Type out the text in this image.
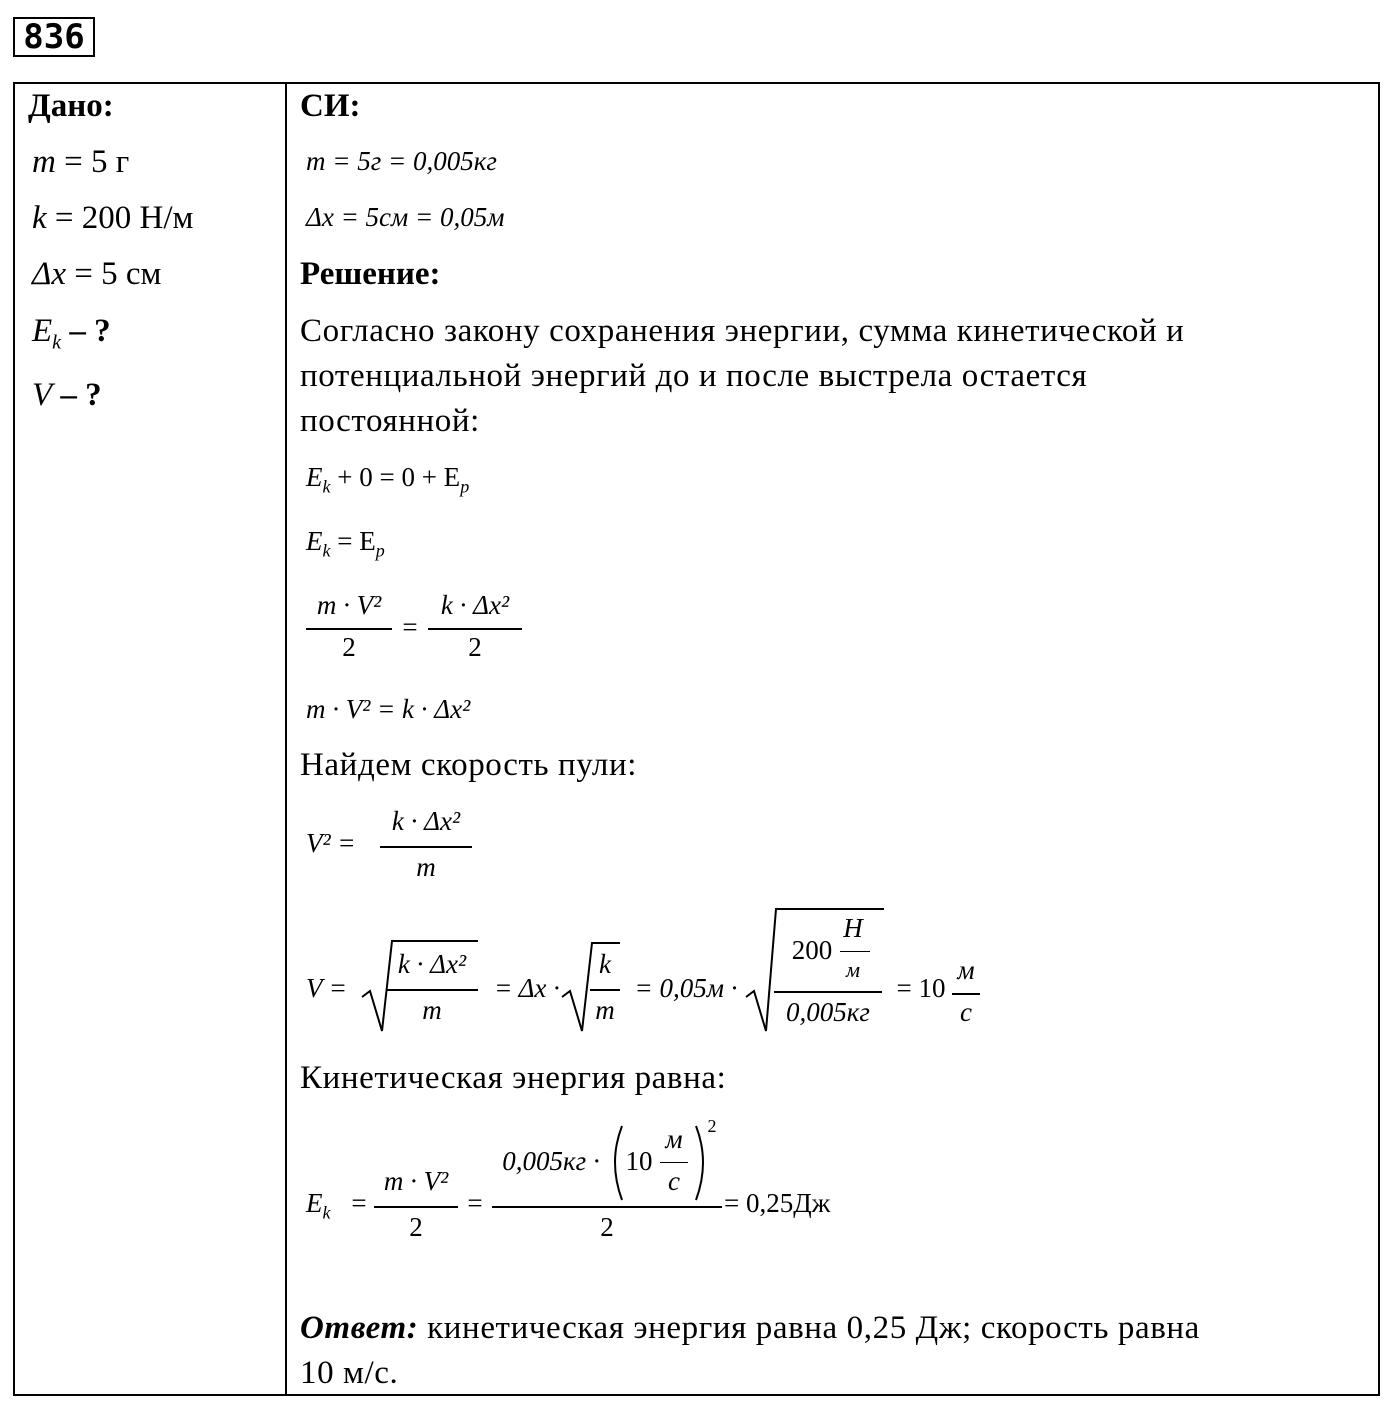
836
Дано:
m = 5 г
k = 200 Н/м
Δx = 5 см
$E_k$ – ?
V – ?
СИ:
m = 5г = 0,005кг
Δx = 5см = 0,05м
Решение:
Согласно закону сохранения энергии, сумма кинетической и
потенциальной энергий до и после выстрела остается
постоянной:
$E_k + 0 = 0 + E_p$
$E_k = E_p$
m · V²
2
=
k · Δx²
2
m · V² = k · Δx²
Найдем скорость пули:
V² =
k · Δx²
m
V =
k · Δx²
m
= Δx ·
k
m
= 0,05м ·
200
Н
м
0,005кг
= 10
м
с
Кинетическая энергия равна:
$E_k$ =
m · V²
2
=
0,005кг · 10
м
с
2
2
= 0,25Дж
Ответ: кинетическая энергия равна 0,25 Дж; скорость равна
10 м/с.
